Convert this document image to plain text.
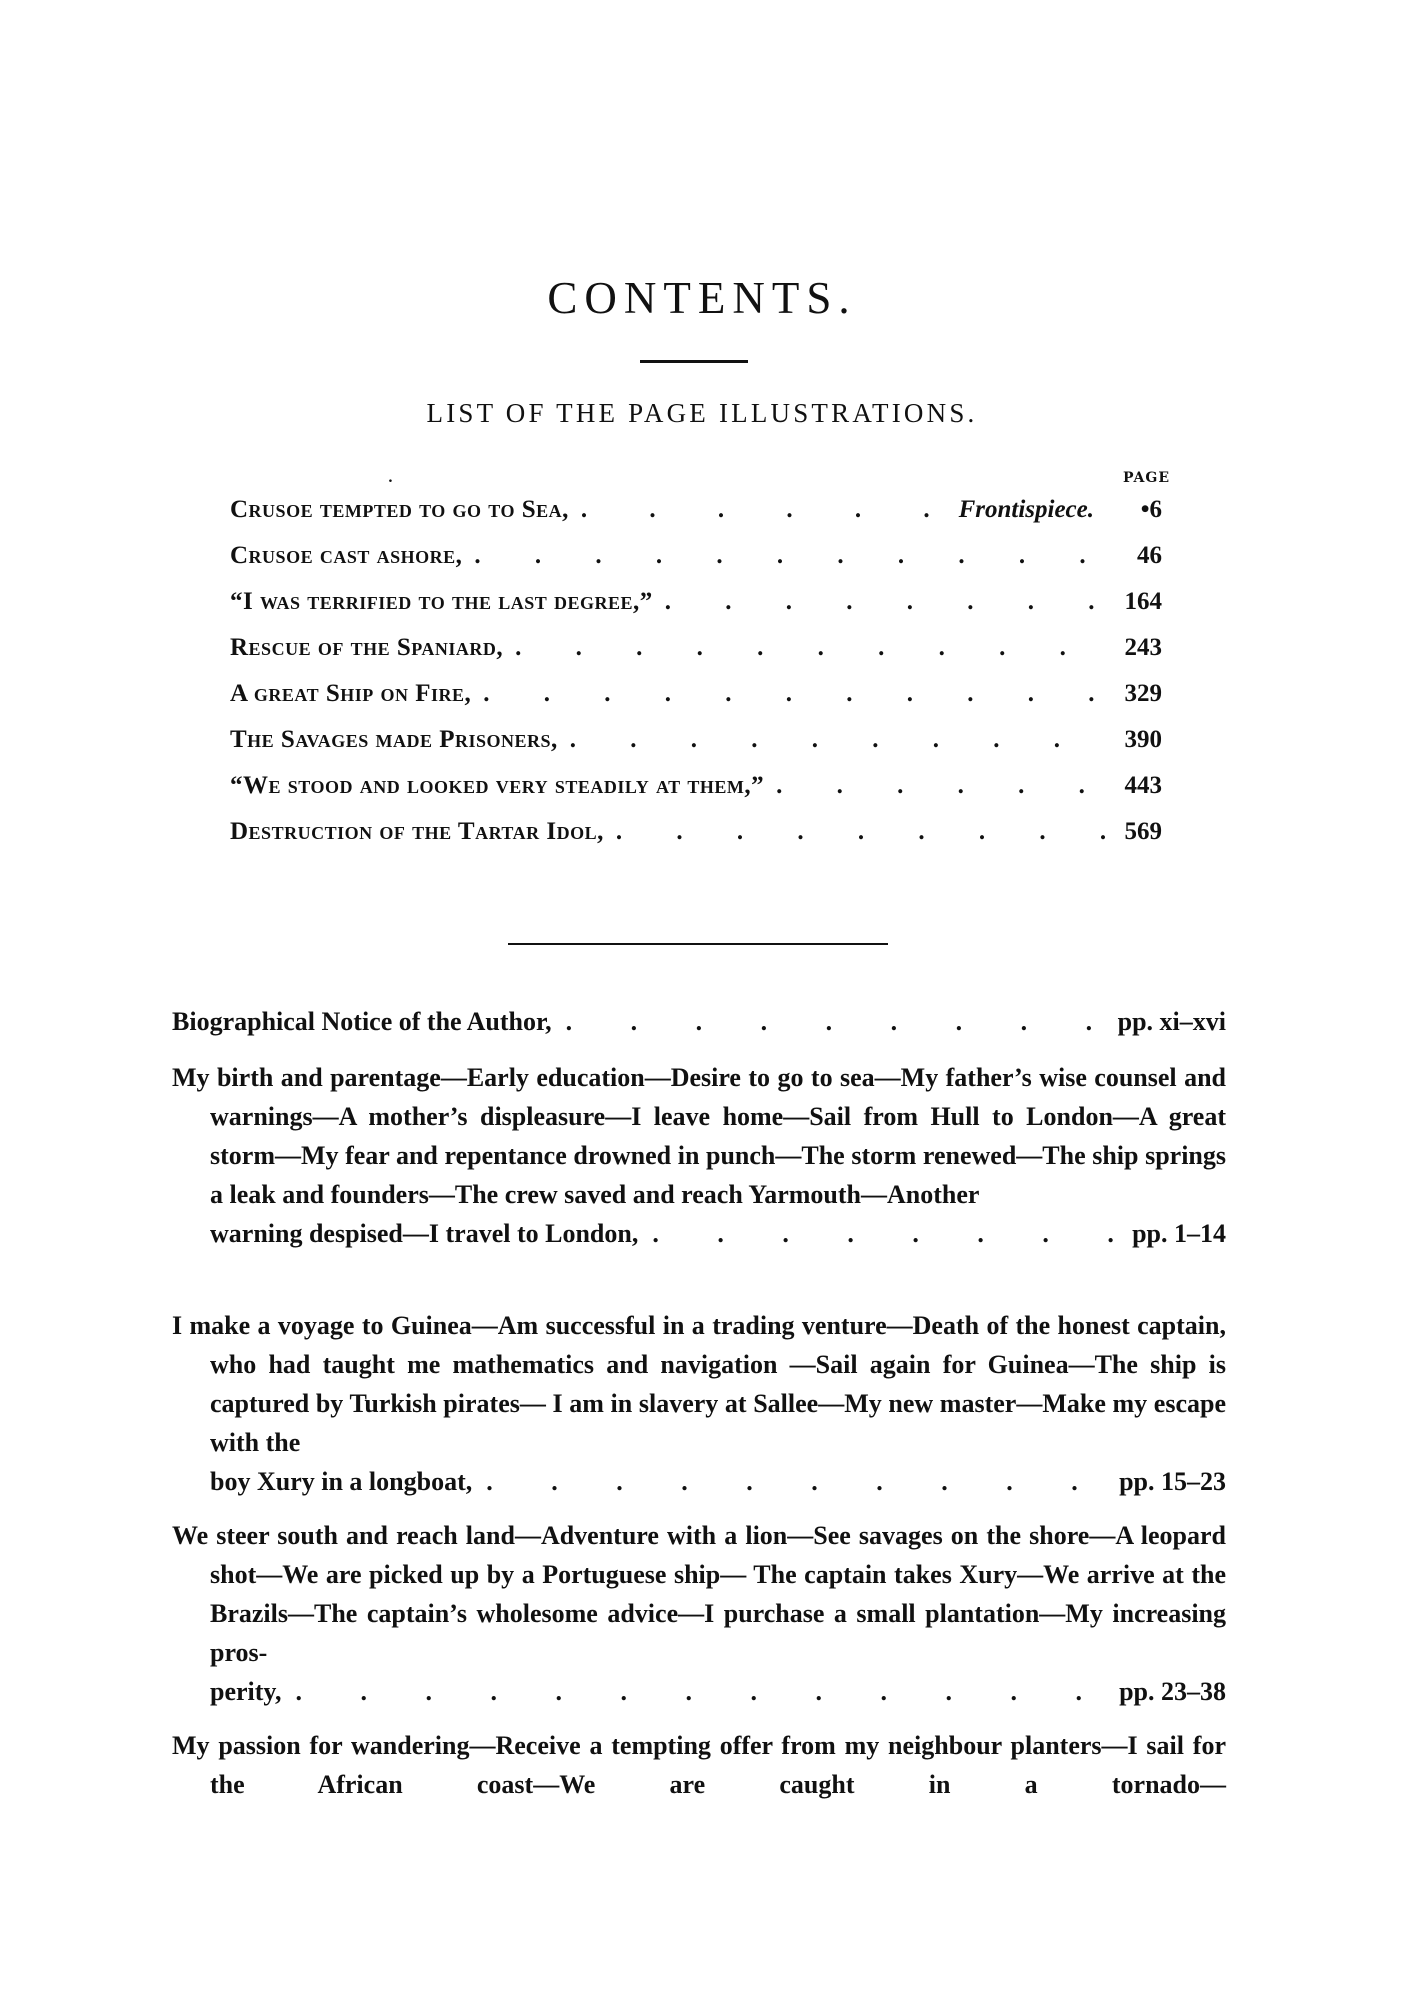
CONTENTS.
LIST OF THE PAGE ILLUSTRATIONS.
.	PAGE
Crusoe tempted to go to Sea, . . .	Frontispiece.	•6
Crusoe cast ashore, . . .	46
“I was terrified to the last degree,” . . .	164
Rescue of the Spaniard, . . .	243
A great Ship on Fire, . . .	329
The Savages made Prisoners, . . .	390
“We stood and looked very steadily at them,” . . .	443
Destruction of the Tartar Idol, . . .	569
Biographical Notice of the Author, . . .	pp. xi–xvi
My birth and parentage—Early education—Desire to go to sea—My father’s wise counsel and warnings—A mother’s displeasure—I leave home—Sail from Hull to London—A great storm—My fear and repentance drowned in punch—The storm renewed—The ship springs a leak and founders—The crew saved and reach Yarmouth—Another
warning despised—I travel to London, . . .	pp. 1–14
I make a voyage to Guinea—Am successful in a trading venture—Death of the honest captain, who had taught me mathematics and navigation —Sail again for Guinea—The ship is captured by Turkish pirates— I am in slavery at Sallee—My new master—Make my escape with the
boy Xury in a longboat, . . .	pp. 15–23
We steer south and reach land—Adventure with a lion—See savages on the shore—A leopard shot—We are picked up by a Portuguese ship— The captain takes Xury—We arrive at the Brazils—The captain’s wholesome advice—I purchase a small plantation—My increasing pros-
perity, . . .	pp. 23–38
My passion for wandering—Receive a tempting offer from my neighbour planters—I sail for the African coast—We are caught in a tornado—
